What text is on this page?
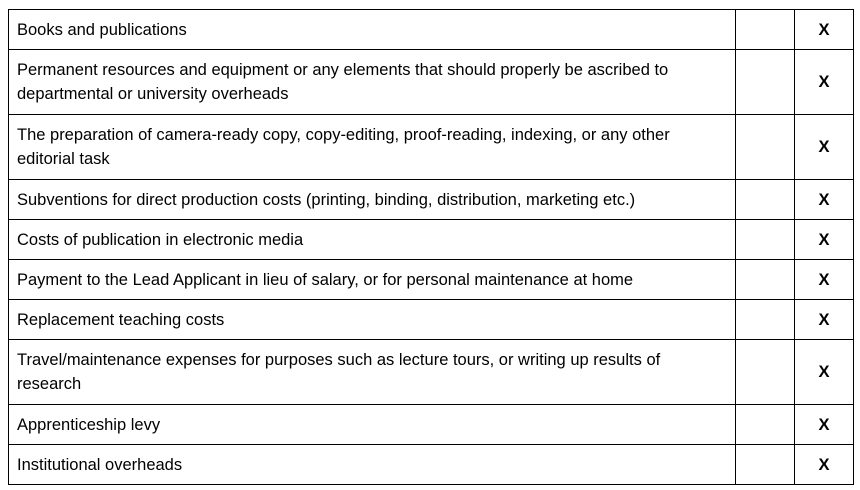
Books and publications		X
Permanent resources and equipment or any elements that should properly be ascribed to departmental or university overheads		X
The preparation of camera-ready copy, copy-editing, proof-reading, indexing, or any other editorial task		X
Subventions for direct production costs (printing, binding, distribution, marketing etc.)		X
Costs of publication in electronic media		X
Payment to the Lead Applicant in lieu of salary, or for personal maintenance at home		X
Replacement teaching costs		X
Travel/maintenance expenses for purposes such as lecture tours, or writing up results of research		X
Apprenticeship levy		X
Institutional overheads		X
